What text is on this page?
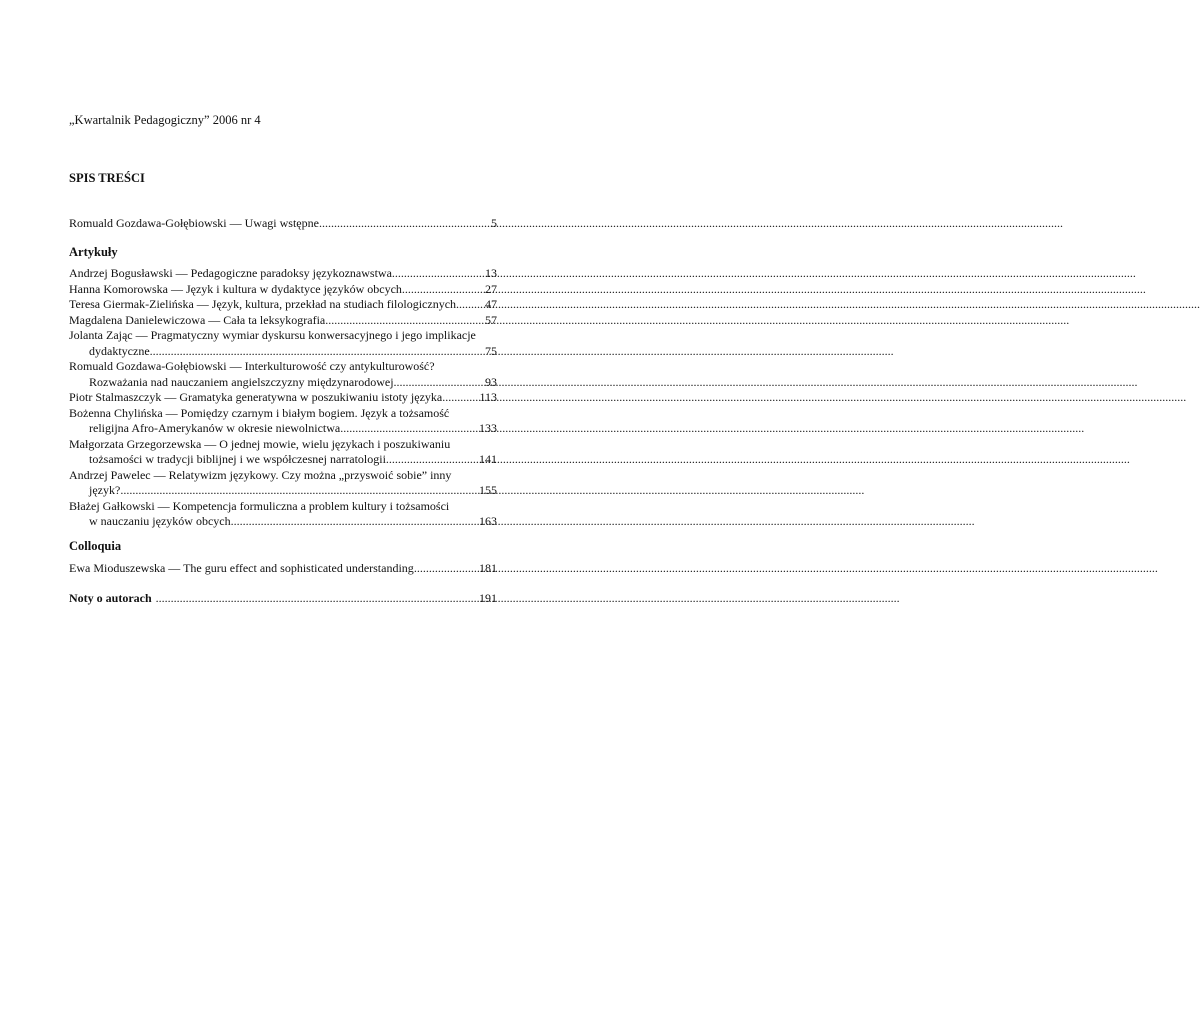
„Kwartalnik Pedagogiczny” 2006 nr 4
SPIS TREŚCI
Romuald Gozdawa-Gołębiowski — Uwagi wstępne .....	5
Artykuły
Andrzej Bogusławski — Pedagogiczne paradoksy językoznawstwa .....	13
Hanna Komorowska — Język i kultura w dydaktyce języków obcych .....	27
Teresa Giermak-Zielińska — Język, kultura, przekład na studiach filologicznych .....	47
Magdalena Danielewiczowa — Cała ta leksykografia .....	57
Jolanta Zając — Pragmatyczny wymiar dyskursu konwersacyjnego i jego implikacje
dydaktyczne .....	75
Romuald Gozdawa-Gołębiowski — Interkulturowość czy antykulturowość?
Rozważania nad nauczaniem angielszczyzny międzynarodowej .....	93
Piotr Stalmaszczyk — Gramatyka generatywna w poszukiwaniu istoty języka .....	113
Bożenna Chylińska — Pomiędzy czarnym i białym bogiem. Język a tożsamość
religijna Afro-Amerykanów w okresie niewolnictwa .....	133
Małgorzata Grzegorzewska — O jednej mowie, wielu językach i poszukiwaniu
tożsamości w tradycji biblijnej i we współczesnej narratologii .....	141
Andrzej Pawelec — Relatywizm językowy. Czy można „przyswoić sobie” inny
język? .....	155
Błażej Gałkowski — Kompetencja formuliczna a problem kultury i tożsamości
w nauczaniu języków obcych .....	163
Colloquia
Ewa Mioduszewska — The guru effect and sophisticated understanding .....	181
Noty o autorach .....	191
